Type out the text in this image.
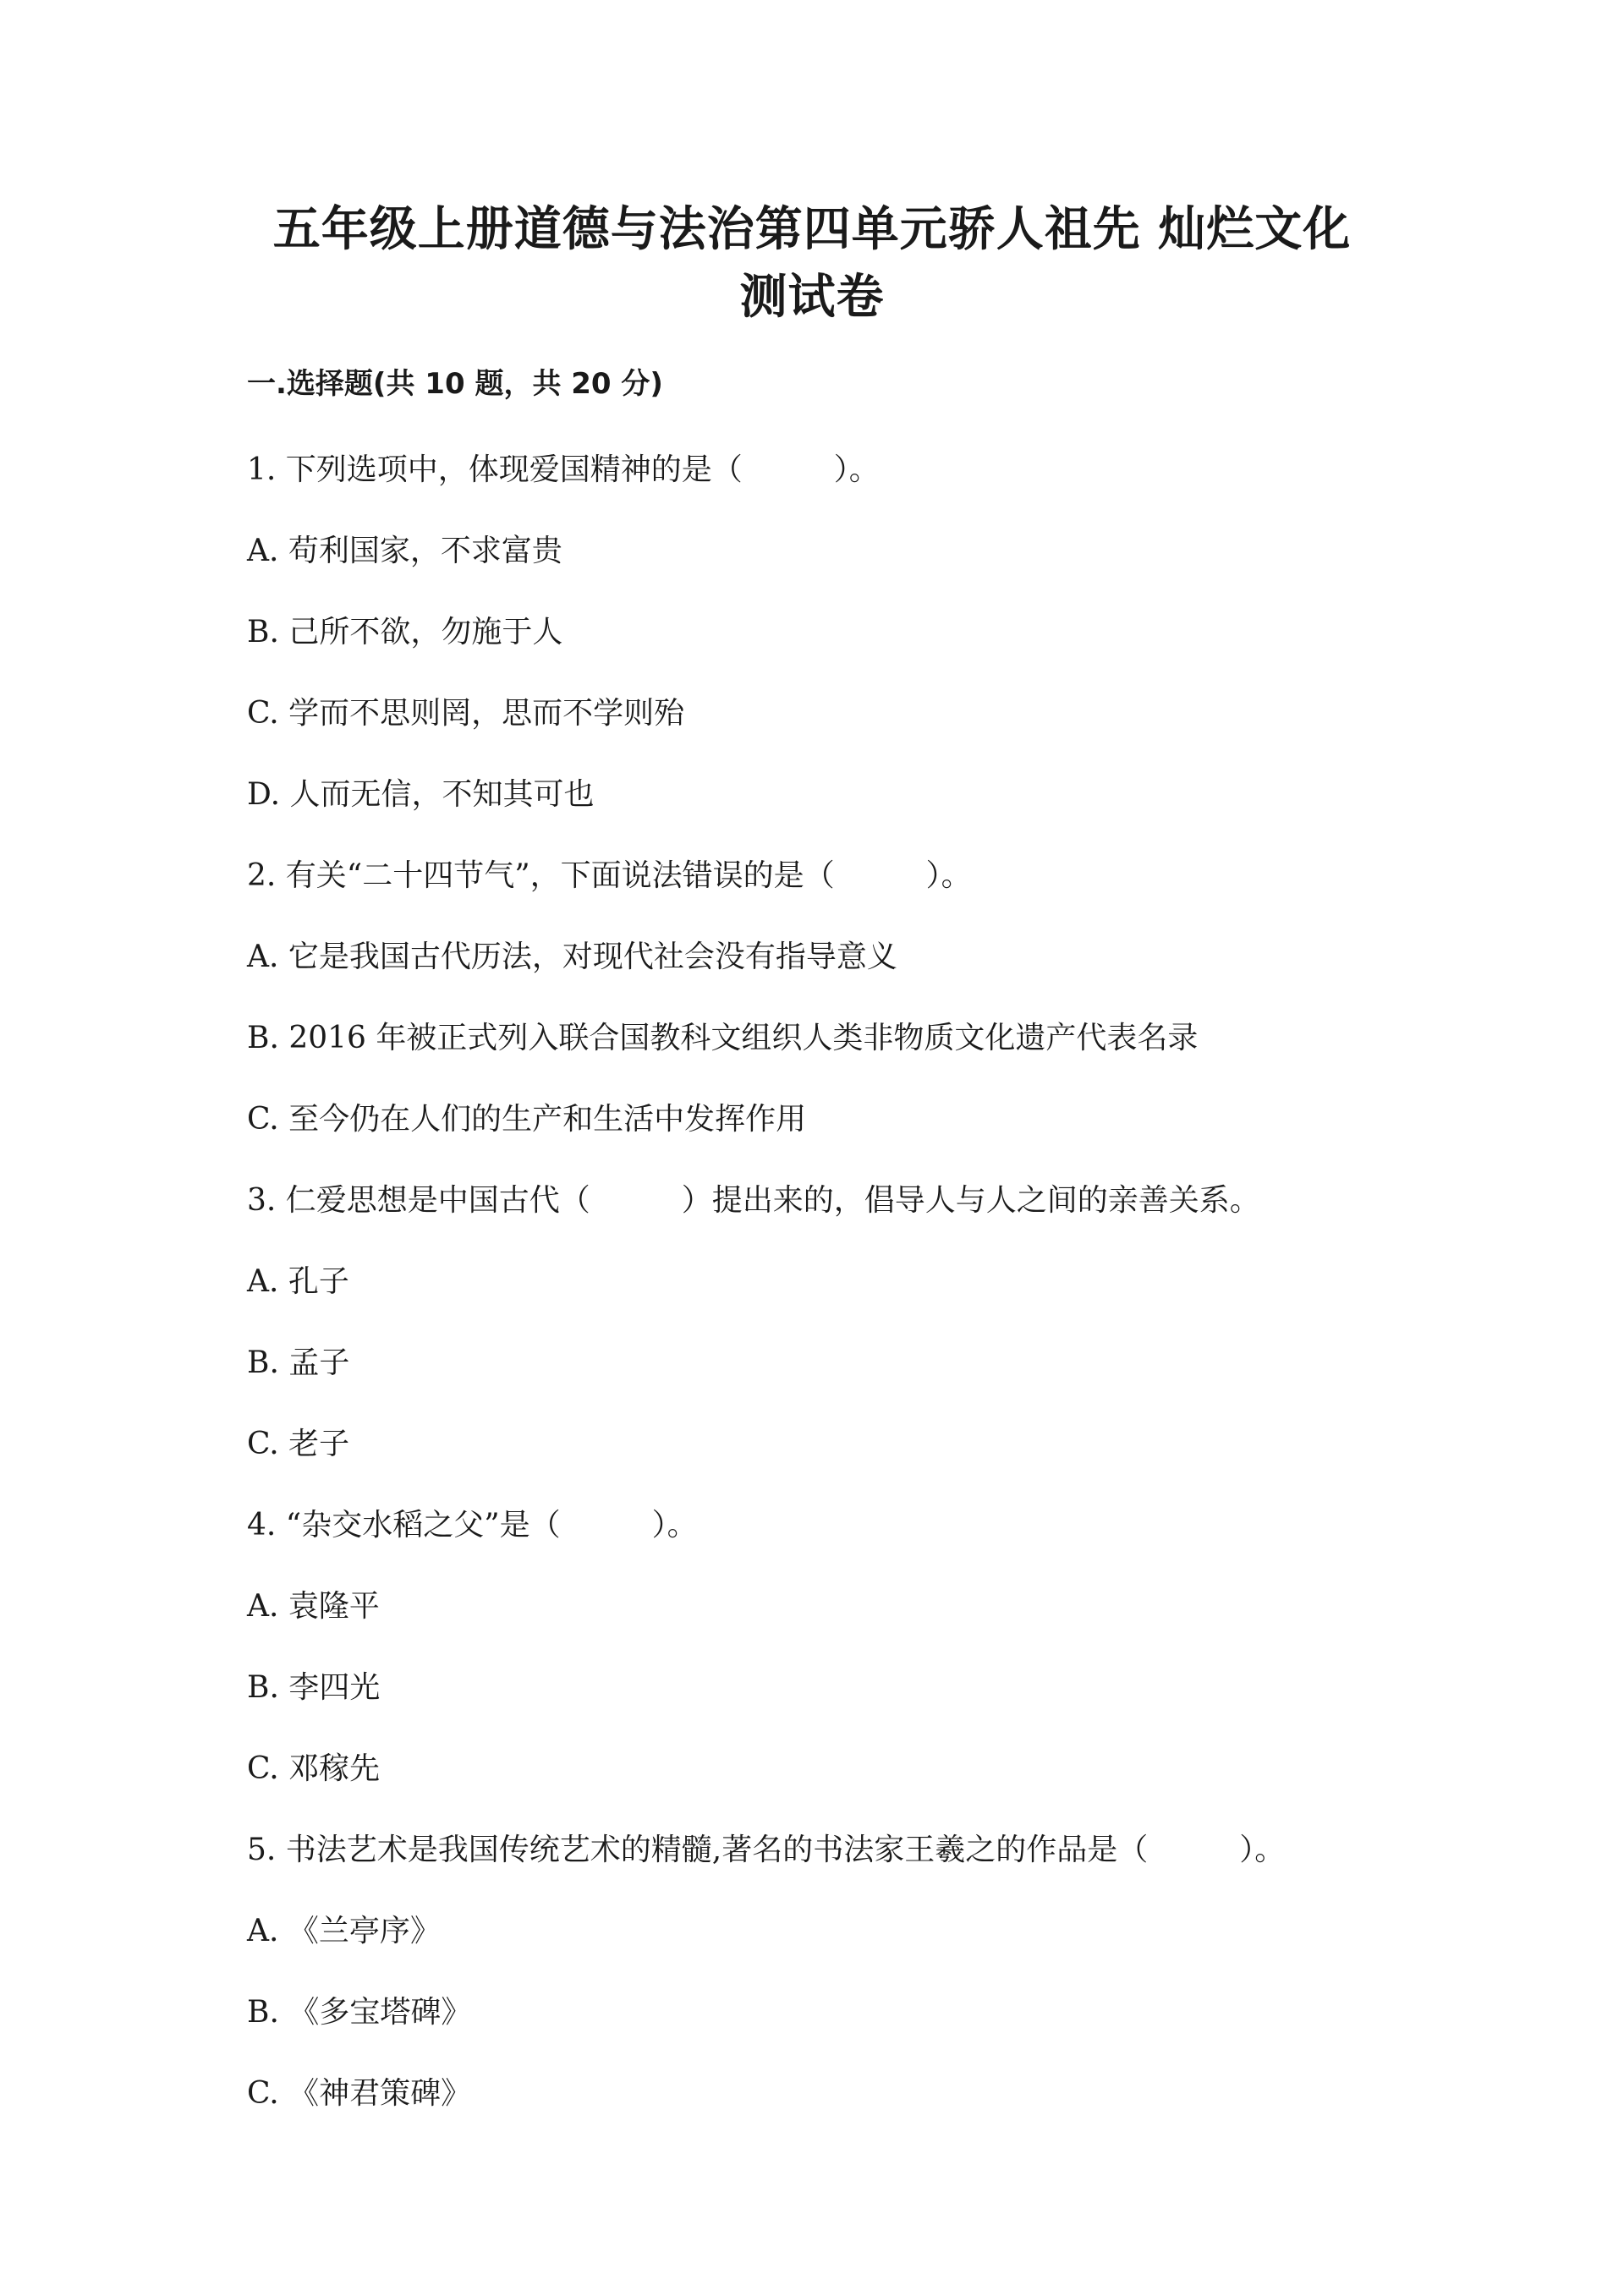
五年级上册道德与法治第四单元骄人祖先 灿烂文化
测试卷
一.选择题(共 10 题，共 20 分)
1. 下列选项中，体现爱国精神的是（　　　）。
A. 苟利国家，不求富贵
B. 己所不欲，勿施于人
C. 学而不思则罔，思而不学则殆
D. 人而无信，不知其可也
2. 有关“二十四节气”，下面说法错误的是（　　　）。
A. 它是我国古代历法，对现代社会没有指导意义
B. 2016 年被正式列入联合国教科文组织人类非物质文化遗产代表名录
C. 至今仍在人们的生产和生活中发挥作用
3. 仁爱思想是中国古代（　　　）提出来的，倡导人与人之间的亲善关系。
A. 孔子
B. 孟子
C. 老子
4. “杂交水稻之父”是（　　　）。
A. 袁隆平
B. 李四光
C. 邓稼先
5. 书法艺术是我国传统艺术的精髓,著名的书法家王羲之的作品是（　　　）。
A. 《兰亭序》
B. 《多宝塔碑》
C. 《神君策碑》
